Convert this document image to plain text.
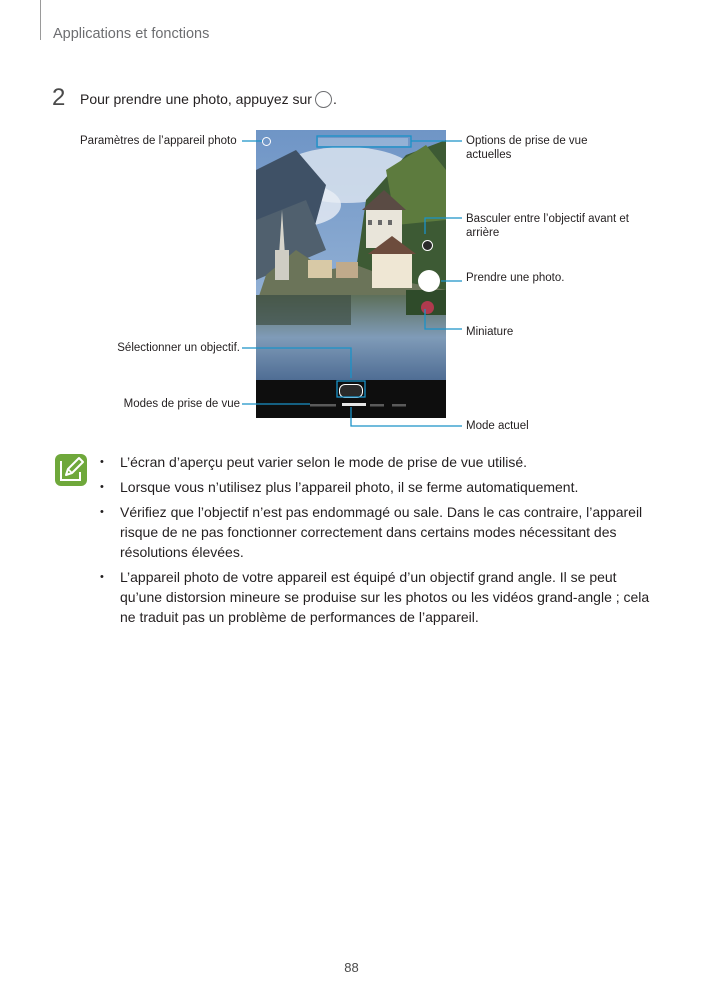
Applications et fonctions
2 Pour prendre une photo, appuyez sur .
Paramètres de l’appareil photo	Options de prise de vue actuelles
Basculer entre l’objectif avant et arrière
Prendre une photo.
Miniature
Sélectionner un objectif.
Modes de prise de vue
Mode actuel
• L’écran d’aperçu peut varier selon le mode de prise de vue utilisé.
• Lorsque vous n’utilisez plus l’appareil photo, il se ferme automatiquement.
• Vérifiez que l’objectif n’est pas endommagé ou sale. Dans le cas contraire, l’appareil risque de ne pas fonctionner correctement dans certains modes nécessitant des résolutions élevées.
• L’appareil photo de votre appareil est équipé d’un objectif grand angle. Il se peut qu’une distorsion mineure se produise sur les photos ou les vidéos grand-angle ; cela ne traduit pas un problème de performances de l’appareil.
88
